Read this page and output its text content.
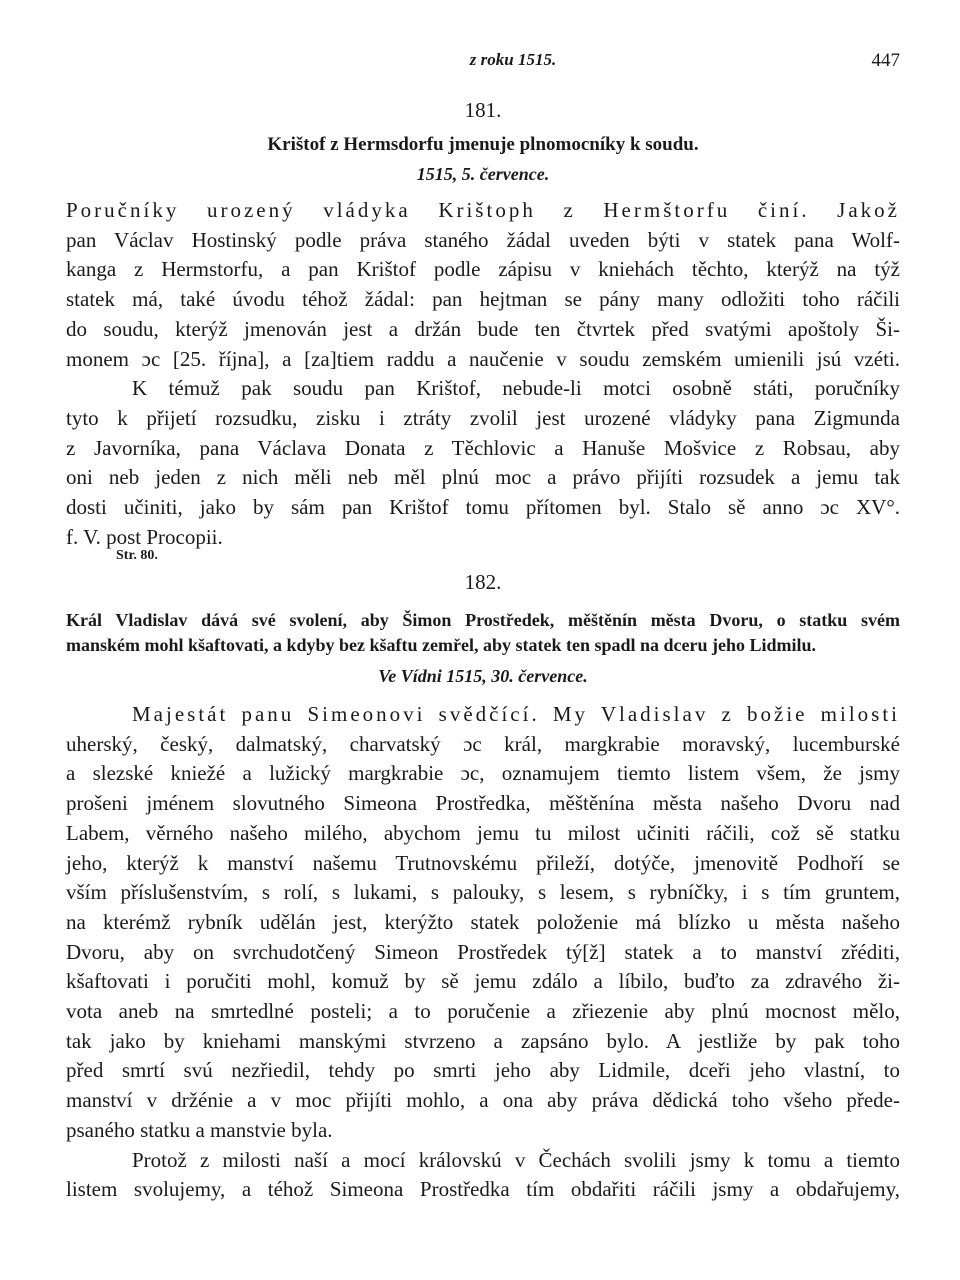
z roku 1515.	447
181.
Krištof z Hermsdorfu jmenuje plnomocníky k soudu.
1515, 5. července.
Poručníky urozený vládyka Krištoph z Hermštorfu činí. Jakož
pan Václav Hostinský podle práva staného žádal uveden býti v statek pana Wolf-
kanga z Hermstorfu, a pan Krištof podle zápisu v kniehách těchto, kterýž na týž
statek má, také úvodu téhož žádal: pan hejtman se pány many odložiti toho ráčili
do soudu, kterýž jmenován jest a držán bude ten čtvrtek před svatými apoštoly Ši-
monem ɔc [25. října], a [za]tiem raddu a naučenie v soudu zemském umienili jsú vzéti.
K témuž pak soudu pan Krištof, nebude-li motci osobně státi, poručníky
tyto k přijetí rozsudku, zisku i ztráty zvolil jest urozené vládyky pana Zigmunda
z Javorníka, pana Václava Donata z Těchlovic a Hanuše Mošvice z Robsau, aby
oni neb jeden z nich měli neb měl plnú moc a právo přijíti rozsudek a jemu tak
dosti učiniti, jako by sám pan Krištof tomu přítomen byl. Stalo sě anno ɔc XV°.
f. V. post Procopii.
Str. 80.
182.
Král Vladislav dává své svolení, aby Šimon Prostředek, měštěnín města Dvoru, o statku svém
manském mohl kšaftovati, a kdyby bez kšaftu zemřel, aby statek ten spadl na dceru jeho Lidmilu.
Ve Vídni 1515, 30. července.
Majestát panu Simeonovi svědčící. My Vladislav z božie milosti
uherský, český, dalmatský, charvatský ɔc král, margkrabie moravský, lucemburské
a slezské kniežé a lužický margkrabie ɔc, oznamujem tiemto listem všem, že jsmy
prošeni jménem slovutného Simeona Prostředka, měštěnína města našeho Dvoru nad
Labem, věrného našeho milého, abychom jemu tu milost učiniti ráčili, což sě statku
jeho, kterýž k manství našemu Trutnovskému přileží, dotýče, jmenovitě Podhoří se
vším příslušenstvím, s rolí, s lukami, s palouky, s lesem, s rybníčky, i s tím gruntem,
na kterémž rybník udělán jest, kterýžto statek položenie má blízko u města našeho
Dvoru, aby on svrchudotčený Simeon Prostředek tý[ž] statek a to manství zřéditi,
kšaftovati i poručiti mohl, komuž by sě jemu zdálo a líbilo, buďto za zdravého ži-
vota aneb na smrtedlné posteli; a to poručenie a zřiezenie aby plnú mocnost mělo,
tak jako by kniehami manskými stvrzeno a zapsáno bylo. A jestliže by pak toho
před smrtí svú nezřiedil, tehdy po smrti jeho aby Lidmile, dceři jeho vlastní, to
manství v držénie a v moc přijíti mohlo, a ona aby práva dědická toho všeho přede-
psaného statku a manstvie byla.
Protož z milosti naší a mocí královskú v Čechách svolili jsmy k tomu a tiemto
listem svolujemy, a téhož Simeona Prostředka tím obdařiti ráčili jsmy a obdařujemy,
